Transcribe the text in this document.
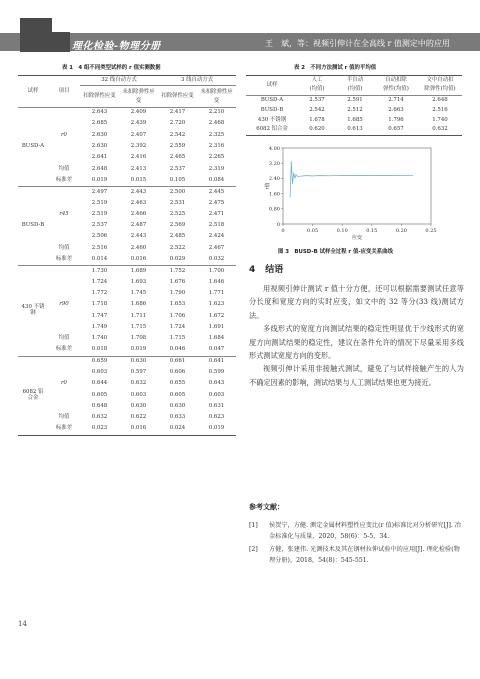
理化检验-物理分册	王　斌，等：视频引伸计在全高线 r 值测定中的应用
表 1　4 组不同类型试样的 r 值实测数据
试样	项目	32 线自动方式		3 线自动方式	
		扣除弹性应变	未扣除弹性应变	扣除弹性应变	未扣除弹性应变

BUSD-A		2.643	2.409	2.417	2.210
		2.685	2.439	2.720	2.468
	r0	2.630	2.407	2.542	2.325
		2.630	2.392	2.559	2.316
		2.641	2.416	2.465	2.265
	均值	2.648	2.413	2.537	2.319
	标准差	0.019	0.015	0.105	0.084
BUSD-B		2.497	2.443	2.500	2.445
		2.519	2.463	2.531	2.475
	r45	2.519	2.466	2.525	2.471
		2.537	2.487	2.569	2.518
		2.506	2.443	2.485	2.424
	均值	2.516	2.460	2.522	2.467
	标准差	0.014	0.016	0.029	0.032
430 不锈钢		1.730	1.689	1.752	1.700
		1.724	1.693	1.676	1.646
		1.772	1.745	1.790	1.771
	r90	1.718	1.686	1.653	1.623
		1.747	1.711	1.706	1.672
		1.749	1.715	1.724	1.691
	均值	1.740	1.708	1.715	1.684
	标准差	0.018	0.019	0.046	0.047
6082 铝合金		0.659	0.630	0.661	0.641
		0.603	0.597	0.606	0.599
	r0	0.644	0.632	0.655	0.643
		0.605	0.603	0.605	0.603
		0.648	0.630	0.630	0.631
	均值	0.632	0.622	0.633	0.623
	标准差	0.023	0.016	0.024	0.019
表 2　不同方法测试 r 值的平均值
试样	人工	半自动	自动扣除	文中自动扣
	(均值)	(均值)	弹性(均值)	除弹性(均值)
BUSD-A	2.537	2.591	2.714	2.648
BUSD-B	2.542	2.512	2.663	2.516
430 不锈钢	1.678	1.685	1.796	1.740
6082 铝合金	0.620	0.613	0.657	0.632
0
0.80
1.60
2.40
3.20
4.00
0	0.05	0.10	0.15	0.20	0.25
r值
应变
图 3　BUSD-B 试样全过程 r 值-应变关系曲线
4 结语

用视频引伸计测试 r 值十分方便，还可以根据需要测试任意等分长度和宽度方向的实时应变，如文中的 32 等分(33 线)测试方法。

多线形式的宽度方向测试结果的稳定性明显优于少线形式的宽度方向测试结果的稳定性，建议在条件允许的情况下尽量采用多线形式测试宽度方向的变形。

视频引伸计采用非接触式测试，避免了与试样接触产生的人为不确定因素的影响，测试结果与人工测试结果也更为接近。

参考文献：
[1]	侯贺宁，方健. 测定金属材料塑性应变比(r 值)标准比对分析研究[J]. 冶金标准化与质量，2020，58(6)：5-5，34.
[2]	方健，张建伟. 光测技术及其在钢材拉伸试验中的应用[J]. 理化检验(物理分册)，2018，54(8)：545-551.
14
